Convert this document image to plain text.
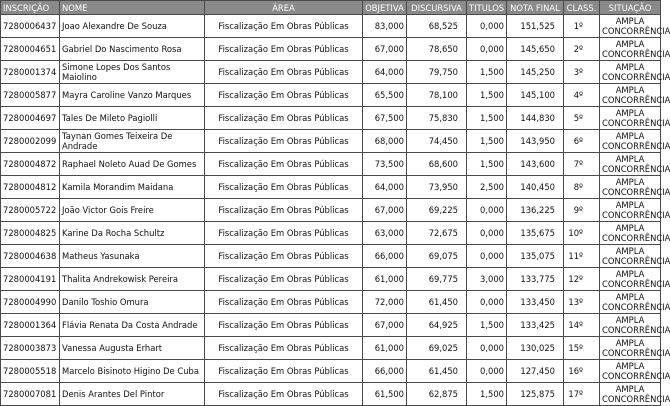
INSCRIÇÃO	NOME	ÁREA	OBJETIVA	DISCURSIVA	TITULOS	NOTA FINAL	CLASS.	SITUAÇÃO
7280006437	Joao Alexandre De Souza	Fiscalização Em Obras Públicas	83,000	68,525	0,000	151,525	1º	AMPLA CONCORRÊNCIA
7280004651	Gabriel Do Nascimento Rosa	Fiscalização Em Obras Públicas	67,000	78,650	0,000	145,650	2º	AMPLA CONCORRÊNCIA
7280001374	Simone Lopes Dos Santos Maiolino	Fiscalização Em Obras Públicas	64,000	79,750	1,500	145,250	3º	AMPLA CONCORRÊNCIA
7280005877	Mayra Caroline Vanzo Marques	Fiscalização Em Obras Públicas	65,500	78,100	1,500	145,100	4º	AMPLA CONCORRÊNCIA
7280004697	Tales De Mileto Pagiolli	Fiscalização Em Obras Públicas	67,500	75,830	1,500	144,830	5º	AMPLA CONCORRÊNCIA
7280002099	Taynan Gomes Teixeira De Andrade	Fiscalização Em Obras Públicas	68,000	74,450	1,500	143,950	6º	AMPLA CONCORRÊNCIA
7280004872	Raphael Noleto Auad De Gomes	Fiscalização Em Obras Públicas	73,500	68,600	1,500	143,600	7º	AMPLA CONCORRÊNCIA
7280004812	Kamila Morandim Maidana	Fiscalização Em Obras Públicas	64,000	73,950	2,500	140,450	8º	AMPLA CONCORRÊNCIA
7280005722	João Victor Gois Freire	Fiscalização Em Obras Públicas	67,000	69,225	0,000	136,225	9º	AMPLA CONCORRÊNCIA
7280004825	Karine Da Rocha Schultz	Fiscalização Em Obras Públicas	63,000	72,675	0,000	135,675	10º	AMPLA CONCORRÊNCIA
7280004638	Matheus Yasunaka	Fiscalização Em Obras Públicas	66,000	69,075	0,000	135,075	11º	AMPLA CONCORRÊNCIA
7280004191	Thalita Andrekowisk Pereira	Fiscalização Em Obras Públicas	61,000	69,775	3,000	133,775	12º	AMPLA CONCORRÊNCIA
7280004990	Danilo Toshio Omura	Fiscalização Em Obras Públicas	72,000	61,450	0,000	133,450	13º	AMPLA CONCORRÊNCIA
7280001364	Flávia Renata Da Costa Andrade	Fiscalização Em Obras Públicas	67,000	64,925	1,500	133,425	14º	AMPLA CONCORRÊNCIA
7280003873	Vanessa Augusta Erhart	Fiscalização Em Obras Públicas	61,000	69,025	0,000	130,025	15º	AMPLA CONCORRÊNCIA
7280005518	Marcelo Bisinoto Higino De Cuba	Fiscalização Em Obras Públicas	66,000	61,450	0,000	127,450	16º	AMPLA CONCORRÊNCIA
7280007081	Denis Arantes Del Pintor	Fiscalização Em Obras Públicas	61,500	62,875	1,500	125,875	17º	AMPLA CONCORRÊNCIA
